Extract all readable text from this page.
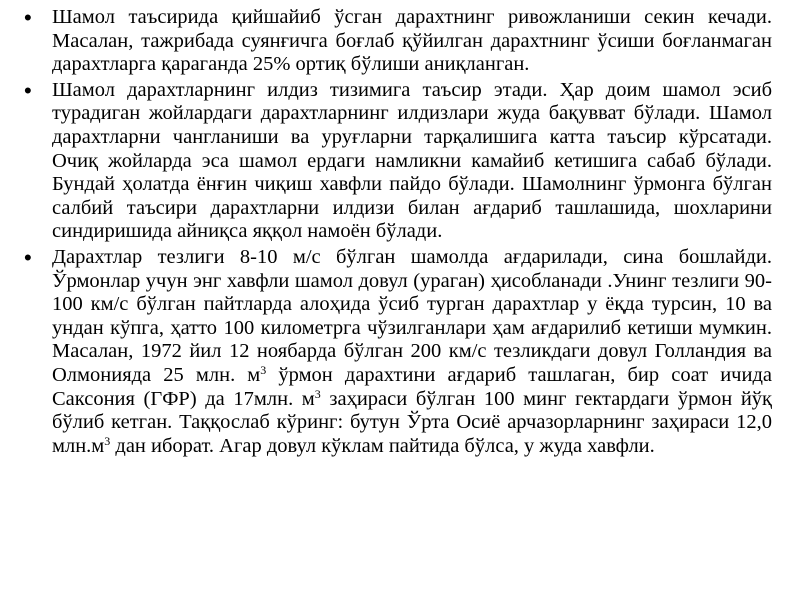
• Шамол таъсирида қийшайиб ўсган дарахтнинг ривожланиши секин кечади. Масалан, тажрибада суянғичга боғлаб қўйилган дарахтнинг ўсиши боғланмаган дарахтларга қараганда 25% ортиқ бўлиши аниқланган.
• Шамол дарахтларнинг илдиз тизимига таъсир этади. Ҳар доим шамол эсиб турадиган жойлардаги дарахтларнинг илдизлари жуда бақувват бўлади. Шамол дарахтларни чангланиши ва уруғларни тарқалишига катта таъсир кўрсатади. Очиқ жойларда эса шамол ердаги намликни камайиб кетишига сабаб бўлади. Бундай ҳолатда ёнғин чиқиш хавфли пайдо бўлади. Шамолнинг ўрмонга бўлган салбий таъсири дарахтларни илдизи билан ағдариб ташлашида, шохларини синдиришида айниқса яққол намоён бўлади.
• Дарахтлар тезлиги 8-10 м/с бўлган шамолда ағдарилади, сина бошлайди. Ўрмонлар учун энг хавфли шамол довул (ураган) ҳисобланади .Унинг тезлиги 90-100 км/с бўлган пайтларда алоҳида ўсиб турган дарахтлар у ёқда турсин, 10 ва ундан кўпга, ҳатто 100 километрга чўзилганлари ҳам ағдарилиб кетиши мумкин. Масалан, 1972 йил 12 ноябарда бўлган 200 км/с тезликдаги довул Голландия ва Олмонияда 25 млн. $м^3$ ўрмон дарахтини ағдариб ташлаган, бир соат ичида Саксония (ГФР) да 17млн. $м^3$ заҳираси бўлган 100 минг гектардаги ўрмон йўқ бўлиб кетган. Таққослаб кўринг: бутун Ўрта Осиё арчазорларнинг заҳираси 12,0 $млн.м^3$ дан иборат. Агар довул кўклам пайтида бўлса, у жуда хавфли.
